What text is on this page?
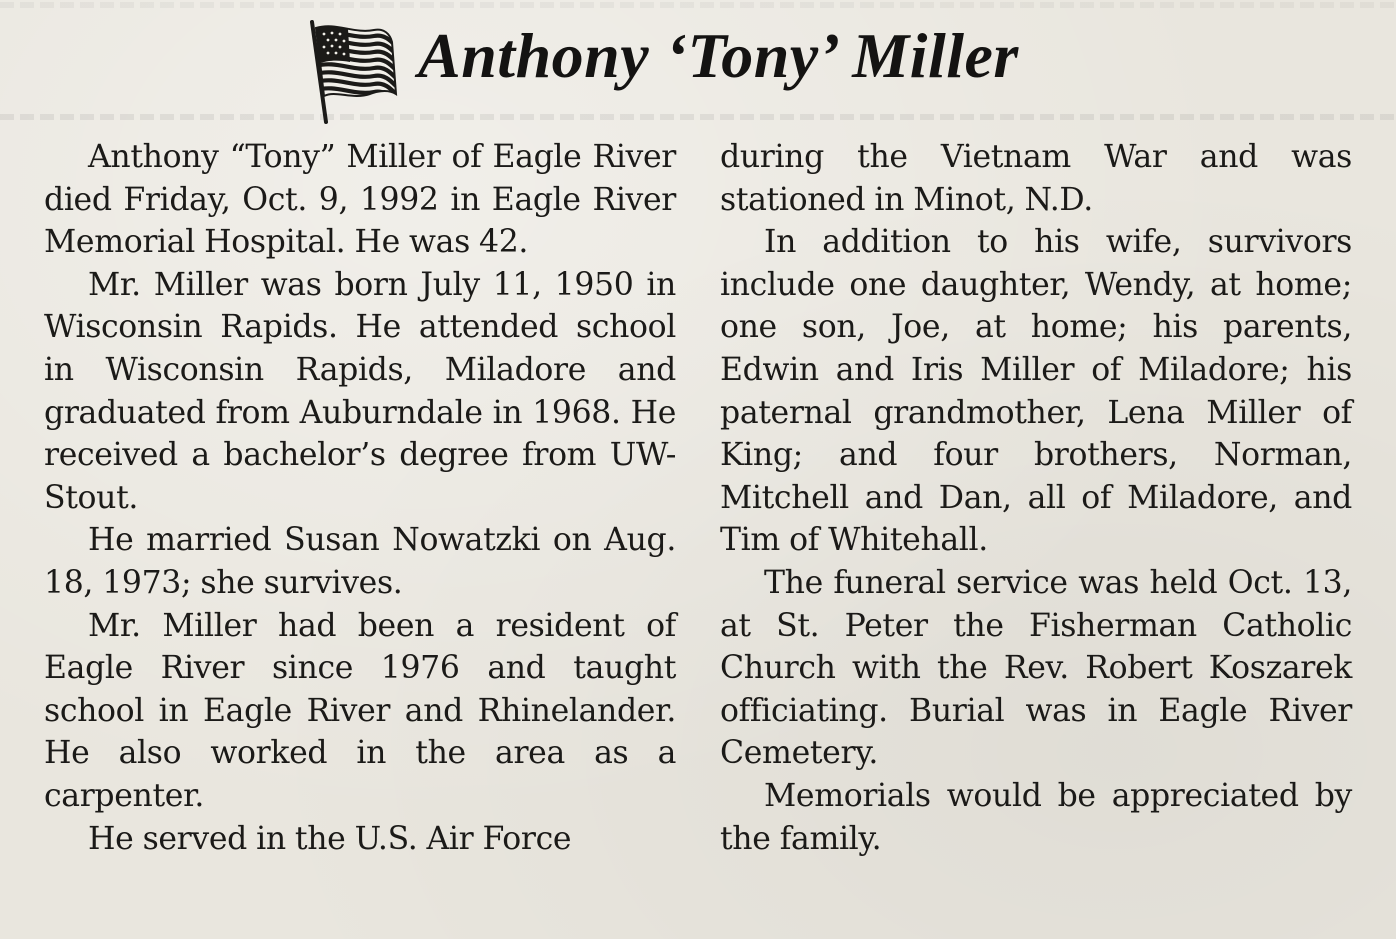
Anthony ‘Tony’ Miller

Anthony “Tony” Miller of Eagle River died Friday, Oct. 9, 1992 in Eagle River Memorial Hospital. He was 42.

Mr. Miller was born July 11, 1950 in Wisconsin Rapids. He attended school in Wisconsin Rapids, Miladore and graduated from Auburndale in 1968. He received a bachelor’s degree from UW-Stout.

He married Susan Nowatzki on Aug. 18, 1973; she survives.

Mr. Miller had been a resident of Eagle River since 1976 and taught school in Eagle River and Rhinelander. He also worked in the area as a carpenter.

He served in the U.S. Air Force

during the Vietnam War and was stationed in Minot, N.D.

In addition to his wife, survivors include one daughter, Wendy, at home; one son, Joe, at home; his parents, Edwin and Iris Miller of Miladore; his paternal grandmother, Lena Miller of King; and four brothers, Norman, Mitchell and Dan, all of Miladore, and Tim of Whitehall.

The funeral service was held Oct. 13, at St. Peter the Fisherman Catholic Church with the Rev. Robert Koszarek officiating. Burial was in Eagle River Cemetery.

Memorials would be appreciated by the family.
